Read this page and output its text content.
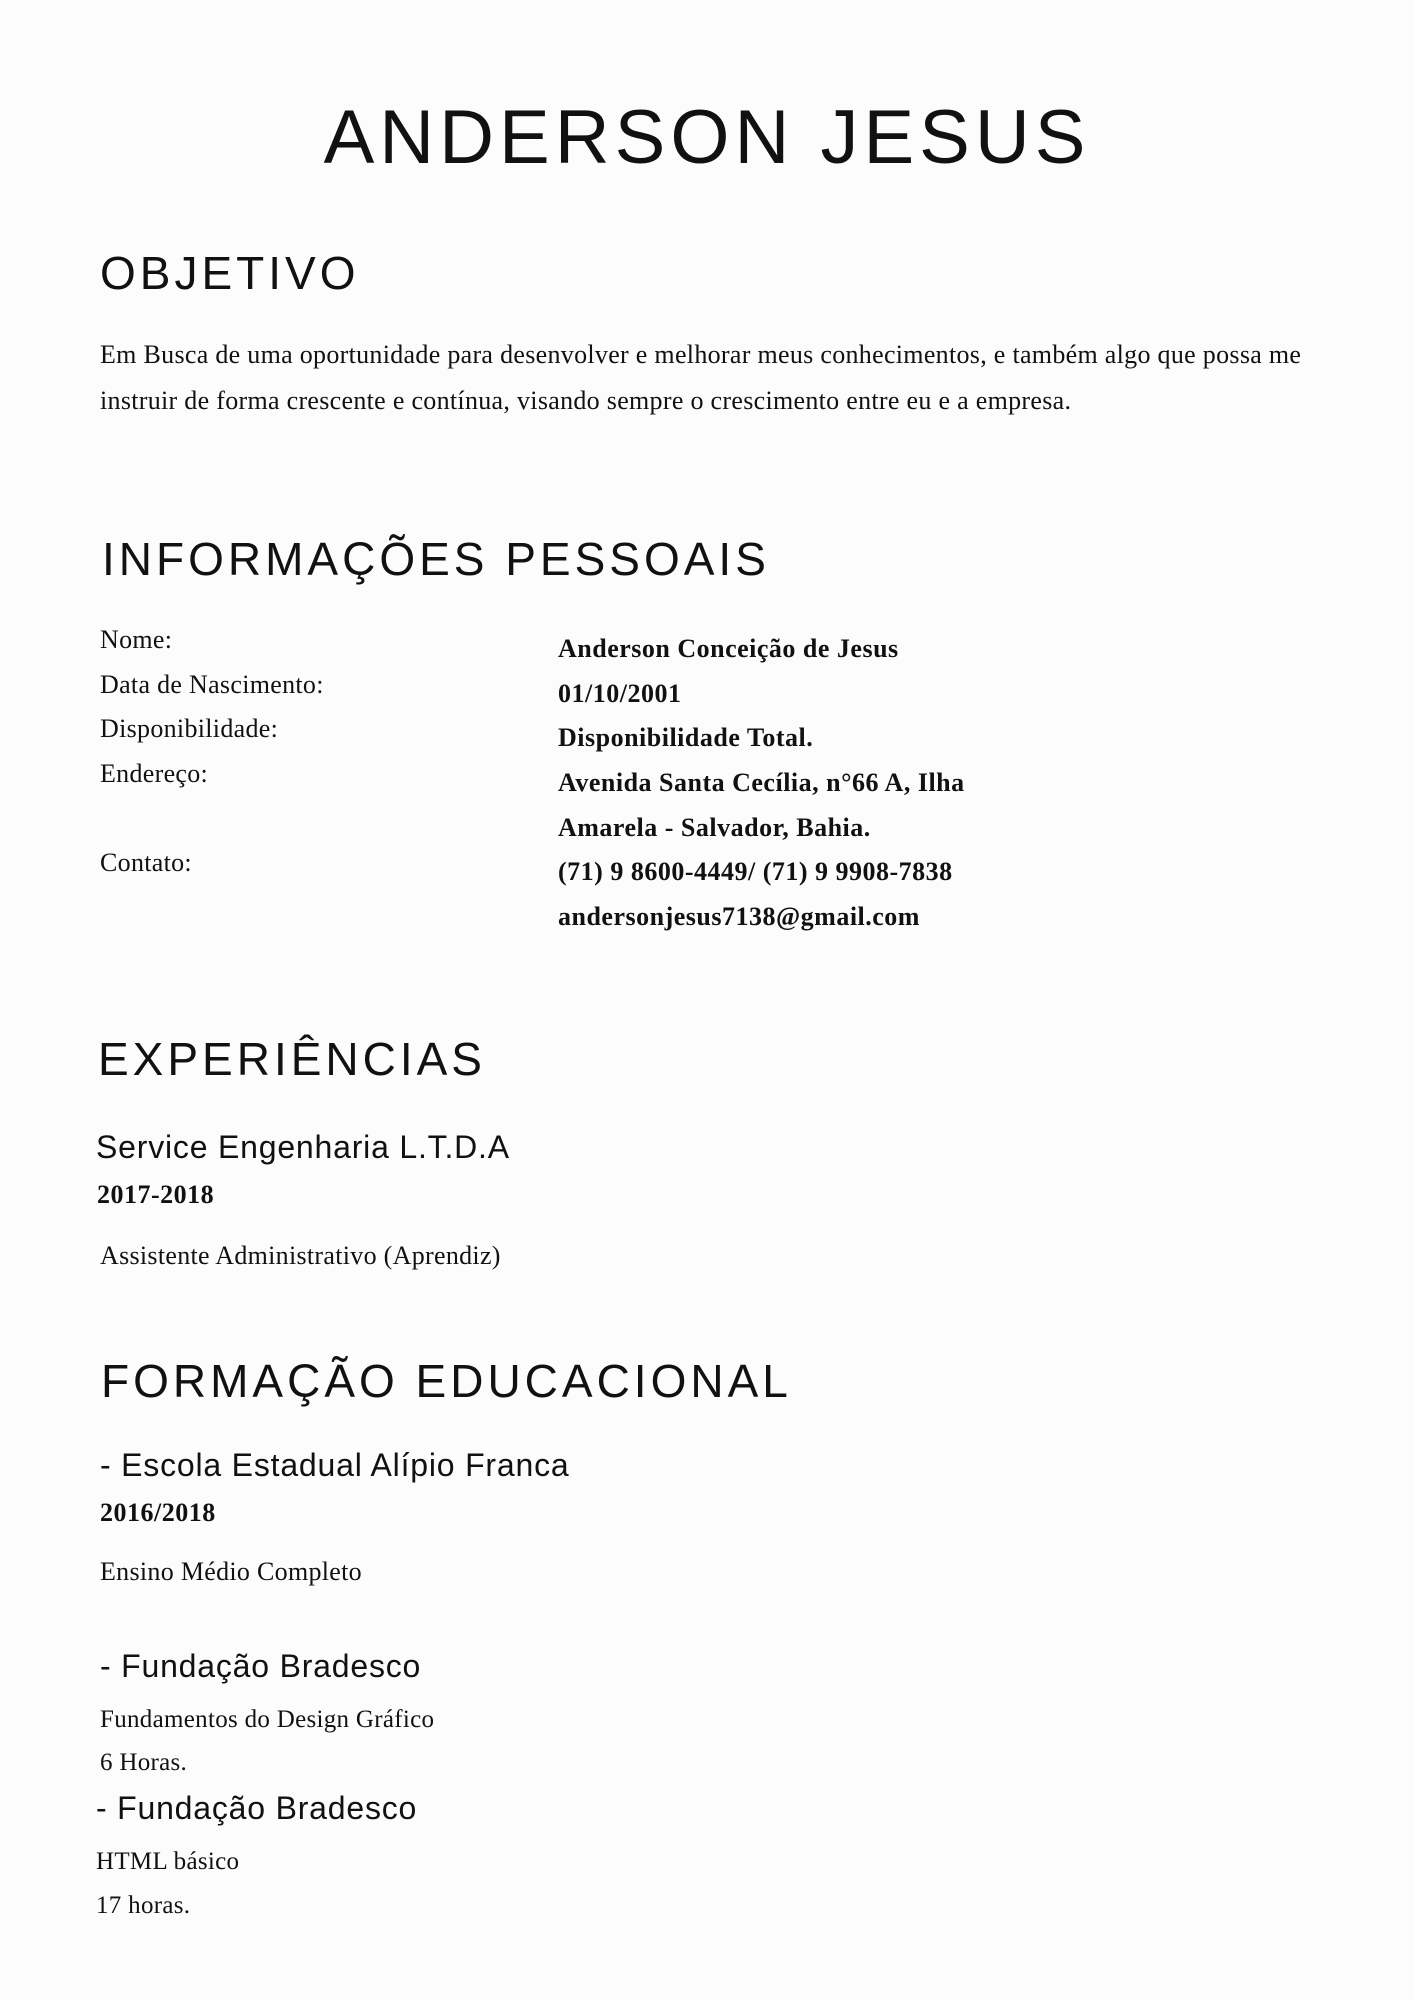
ANDERSON JESUS
OBJETIVO
Em Busca de uma oportunidade para desenvolver e melhorar meus conhecimentos, e também algo que possa me instruir de forma crescente e contínua, visando sempre o crescimento entre eu e a empresa.
INFORMAÇÕES PESSOAIS
Nome:
Data de Nascimento:
Disponibilidade:
Endereço:
Contato:
Anderson Conceição de Jesus
01/10/2001
Disponibilidade Total.
Avenida Santa Cecília, n°66 A, Ilha
Amarela - Salvador, Bahia.
(71) 9 8600-4449/ (71) 9 9908-7838
andersonjesus7138@gmail.com
EXPERIÊNCIAS
Service Engenharia L.T.D.A
2017-2018
Assistente Administrativo (Aprendiz)
FORMAÇÃO EDUCACIONAL
- Escola Estadual Alípio Franca
2016/2018
Ensino Médio Completo
- Fundação Bradesco
Fundamentos do Design Gráfico
6 Horas.
- Fundação Bradesco
HTML básico
17 horas.
